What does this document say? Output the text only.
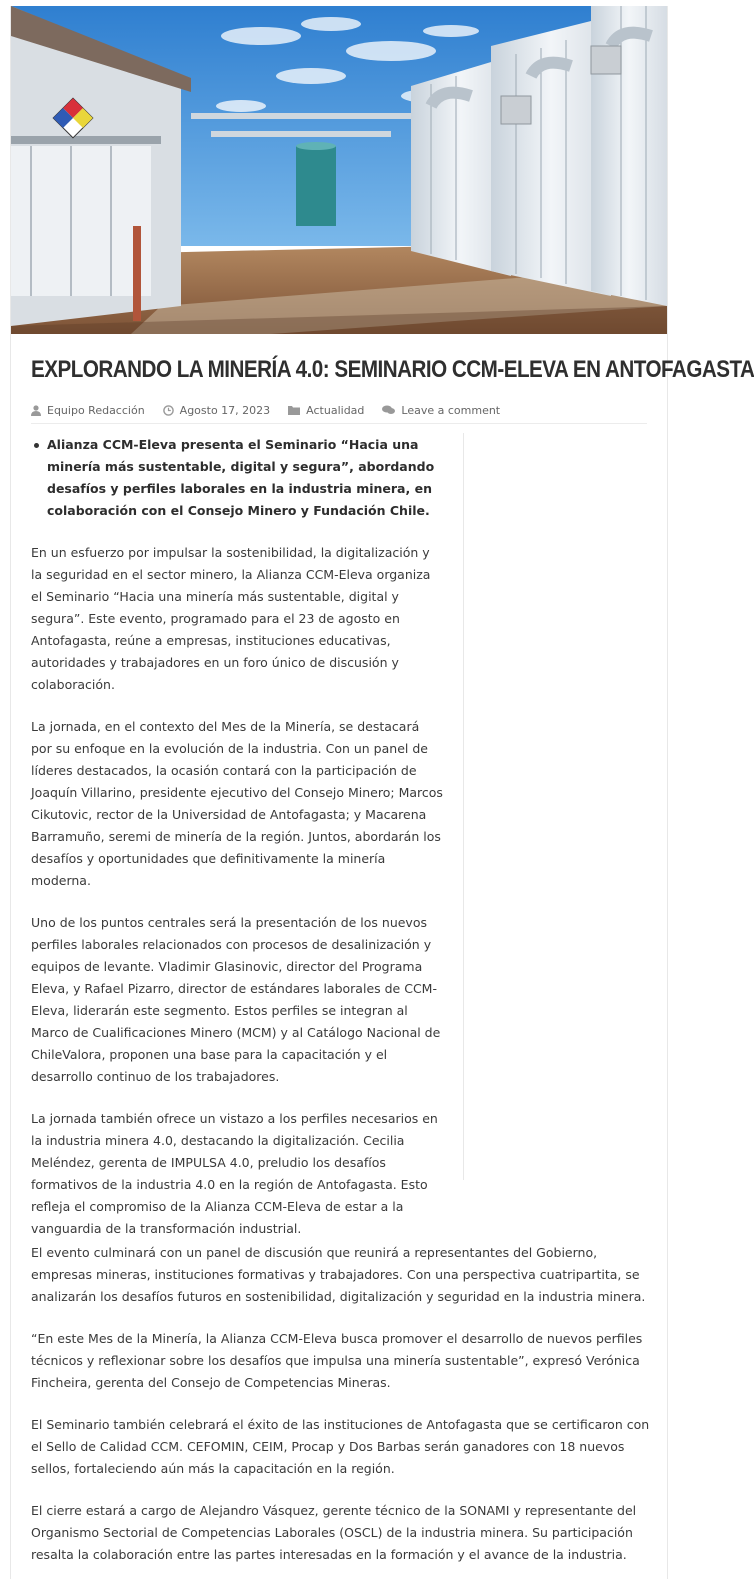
EXPLORANDO LA MINERÍA 4.0: SEMINARIO CCM-ELEVA EN ANTOFAGASTA
Equipo Redacción	Agosto 17, 2023	Actualidad	Leave a comment
Alianza CCM-Eleva presenta el Seminario “Hacia una minería más sustentable, digital y segura”, abordando desafíos y perfiles laborales en la industria minera, en colaboración con el Consejo Minero y Fundación Chile.

En un esfuerzo por impulsar la sostenibilidad, la digitalización y la seguridad en el sector minero, la Alianza CCM-Eleva organiza el Seminario “Hacia una minería más sustentable, digital y segura”. Este evento, programado para el 23 de agosto en Antofagasta, reúne a empresas, instituciones educativas, autoridades y trabajadores en un foro único de discusión y colaboración.

La jornada, en el contexto del Mes de la Minería, se destacará por su enfoque en la evolución de la industria. Con un panel de líderes destacados, la ocasión contará con la participación de Joaquín Villarino, presidente ejecutivo del Consejo Minero; Marcos Cikutovic, rector de la Universidad de Antofagasta; y Macarena Barramuño, seremi de minería de la región. Juntos, abordarán los desafíos y oportunidades que definitivamente la minería moderna.

Uno de los puntos centrales será la presentación de los nuevos perfiles laborales relacionados con procesos de desalinización y equipos de levante. Vladimir Glasinovic, director del Programa Eleva, y Rafael Pizarro, director de estándares laborales de CCM-Eleva, liderarán este segmento. Estos perfiles se integran al Marco de Cualificaciones Minero (MCM) y al Catálogo Nacional de ChileValora, proponen una base para la capacitación y el desarrollo continuo de los trabajadores.

La jornada también ofrece un vistazo a los perfiles necesarios en la industria minera 4.0, destacando la digitalización. Cecilia Meléndez, gerenta de IMPULSA 4.0, preludio los desafíos formativos de la industria 4.0 en la región de Antofagasta. Esto refleja el compromiso de la Alianza CCM-Eleva de estar a la vanguardia de la transformación industrial.

El evento culminará con un panel de discusión que reunirá a representantes del Gobierno, empresas mineras, instituciones formativas y trabajadores. Con una perspectiva cuatripartita, se analizarán los desafíos futuros en sostenibilidad, digitalización y seguridad en la industria minera.

“En este Mes de la Minería, la Alianza CCM-Eleva busca promover el desarrollo de nuevos perfiles técnicos y reflexionar sobre los desafíos que impulsa una minería sustentable”, expresó Verónica Fincheira, gerenta del Consejo de Competencias Mineras.

El Seminario también celebrará el éxito de las instituciones de Antofagasta que se certificaron con el Sello de Calidad CCM. CEFOMIN, CEIM, Procap y Dos Barbas serán ganadores con 18 nuevos sellos, fortaleciendo aún más la capacitación en la región.

El cierre estará a cargo de Alejandro Vásquez, gerente técnico de la SONAMI y representante del Organismo Sectorial de Competencias Laborales (OSCL) de la industria minera. Su participación resalta la colaboración entre las partes interesadas en la formación y el avance de la industria.
